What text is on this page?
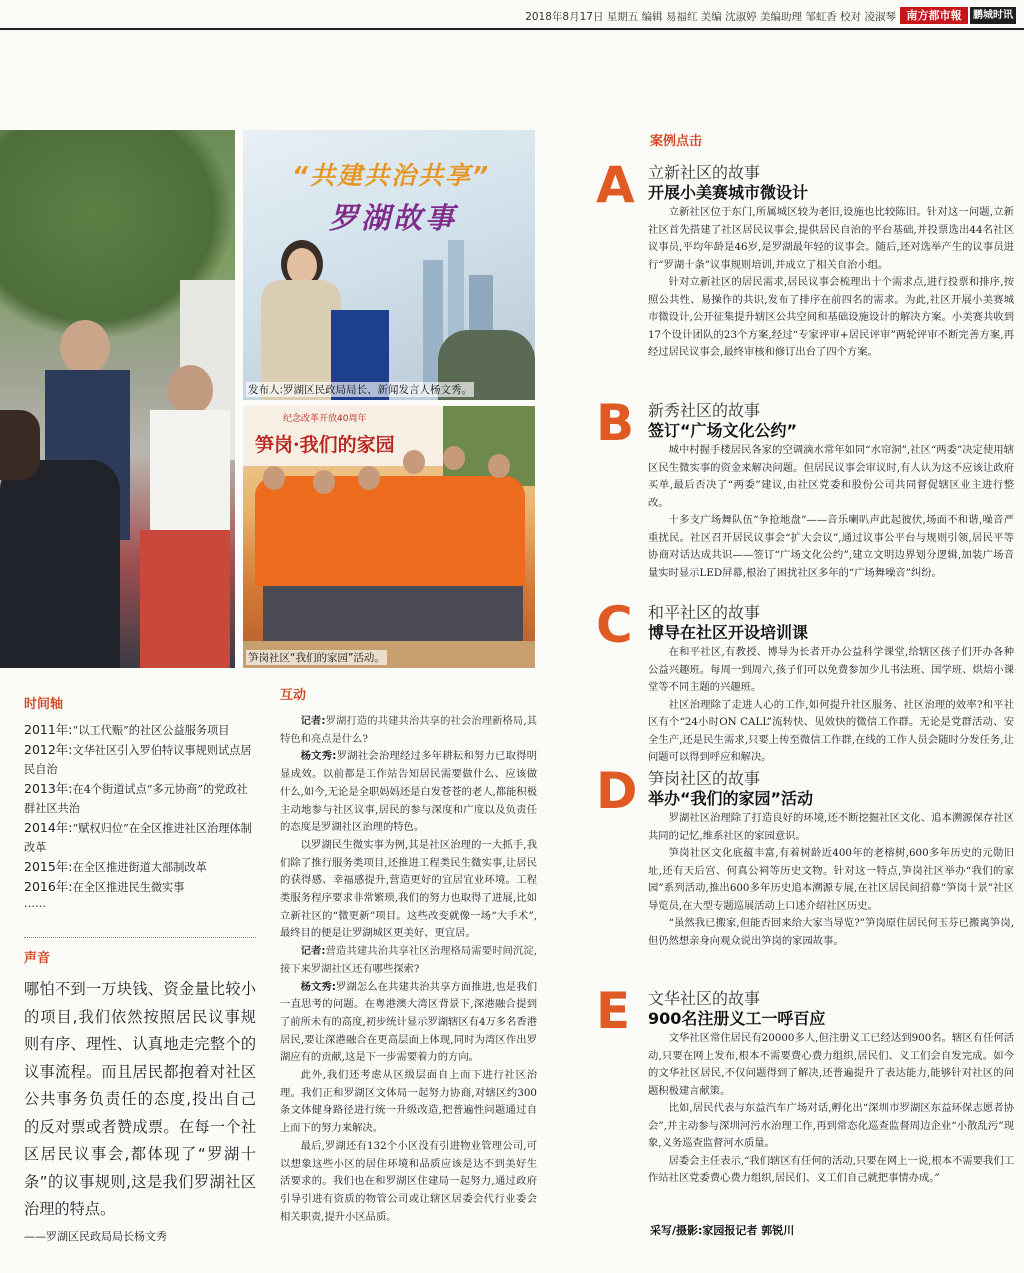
2018年8月17日 星期五 编辑 易福红 美编 沈淑婷 美编助理 邹虹香 校对 凌淑琴 南方都市報	鹏城时讯
“共建共治共享”
罗湖故事
发布人:罗湖区民政局局长、新闻发言人杨文秀。
纪念改革开放40周年
笋岗·我们的家园
笋岗社区“我们的家园”活动。
时间轴
2011年:“以工代赈”的社区公益服务项目
2012年:文华社区引入罗伯特议事规则试点居民自治
2013年:在4个街道试点“多元协商”的党政社群社区共治
2014年:“赋权归位”在全区推进社区治理体制改革
2015年:在全区推进街道大部制改革
2016年:在全区推进民生微实事
……
声音
哪怕不到一万块钱、资金量比较小的项目,我们依然按照居民议事规则有序、理性、认真地走完整个的议事流程。而且居民都抱着对社区公共事务负责任的态度,投出自己的反对票或者赞成票。在每一个社区居民议事会,都体现了“罗湖十条”的议事规则,这是我们罗湖社区治理的特点。
——罗湖区民政局局长杨文秀
互动

记者:罗湖打造的共建共治共享的社会治理新格局,其特色和亮点是什么?

杨文秀:罗湖社会治理经过多年耕耘和努力已取得明显成效。以前都是工作站告知居民需要做什么、应该做什么,如今,无论是全职妈妈还是白发苍苍的老人,都能积极主动地参与社区议事,居民的参与深度和广度以及负责任的态度是罗湖社区治理的特色。

以罗湖民生微实事为例,其是社区治理的一大抓手,我们除了推行服务类项目,还推进工程类民生微实事,让居民的获得感、幸福感提升,营造更好的宜居宜业环境。工程类服务程序要求非常繁琐,我们的努力也取得了进展,比如立新社区的“微更新”项目。这些改变就像一场“大手术”,最终目的便是让罗湖城区更美好、更宜居。

记者:营造共建共治共享社区治理格局需要时间沉淀,接下来罗湖社区还有哪些探索?

杨文秀:罗湖怎么在共建共治共享方面推进,也是我们一直思考的问题。在粤港澳大湾区背景下,深港融合提到了前所未有的高度,初步统计显示罗湖辖区有4万多名香港居民,要让深港融合在更高层面上体现,同时为湾区作出罗湖应有的贡献,这是下一步需要着力的方向。

此外,我们还考虑从区级层面自上而下进行社区治理。我们正和罗湖区文体局一起努力协商,对辖区约300条文体健身路径进行统一升级改造,把普遍性问题通过自上而下的努力来解决。

最后,罗湖还有132个小区没有引进物业管理公司,可以想象这些小区的居住环境和品质应该是达不到美好生活要求的。我们也在和罗湖区住建局一起努力,通过政府引导引进有资质的物管公司或让辖区居委会代行业委会相关职责,提升小区品质。

案例点击
A 立新社区的故事
开展小美赛城市微设计

立新社区位于东门,所属城区较为老旧,设施也比较陈旧。针对这一问题,立新社区首先搭建了社区居民议事会,提供居民自治的平台基础,并投票选出44名社区议事员,平均年龄是46岁,是罗湖最年轻的议事会。随后,还对选举产生的议事员进行“罗湖十条”议事规则培训,并成立了相关自治小组。

针对立新社区的居民需求,居民议事会梳理出十个需求点,进行投票和排序,按照公共性、易操作的共识,发布了排序在前四名的需求。为此,社区开展小美赛城市微设计,公开征集提升辖区公共空间和基础设施设计的解决方案。小美赛共收到17个设计团队的23个方案,经过“专家评审+居民评审”两轮评审不断完善方案,再经过居民议事会,最终审核和修订出台了四个方案。

B 新秀社区的故事
签订“广场文化公约”

城中村握手楼居民各家的空调滴水常年如同“水帘洞”,社区“两委”决定使用辖区民生微实事的资金来解决问题。但居民议事会审议时,有人认为这不应该让政府买单,最后否决了“两委”建议,由社区党委和股份公司共同督促辖区业主进行整改。

十多支广场舞队伍“争抢地盘”——音乐喇叭声此起彼伏,场面不和谐,噪音严重扰民。社区召开居民议事会“扩大会议”,通过议事公平台与规则引领,居民平等协商对话达成共识——签订“广场文化公约”,建立文明边界划分逻辑,加装广场音量实时显示LED屏幕,根治了困扰社区多年的“广场舞噪音”纠纷。

C 和平社区的故事
博导在社区开设培训课

在和平社区,有教授、博导为长者开办公益科学课堂,给辖区孩子们开办各种公益兴趣班。每周一到周六,孩子们可以免费参加少儿书法班、国学班、烘焙小课堂等不同主题的兴趣班。

社区治理除了走进人心的工作,如何提升社区服务、社区治理的效率?和平社区有个“24小时ON CALL”流转快、见效快的微信工作群。无论是党群活动、安全生产,还是民生需求,只要上传至微信工作群,在线的工作人员会随时分发任务,让问题可以得到呼应和解决。

D 笋岗社区的故事
举办“我们的家园”活动

罗湖社区治理除了打造良好的环境,还不断挖掘社区文化、追本溯源保存社区共同的记忆,维系社区的家园意识。

笋岗社区文化底蕴丰富,有着树龄近400年的老榕树,600多年历史的元勋旧址,还有天后宫、何真公祠等历史文物。针对这一特点,笋岗社区举办“我们的家园”系列活动,推出600多年历史追本溯源专展,在社区居民间招募“笋岗十景”社区导览员,在大型专题巡展活动上口述介绍社区历史。

“虽然我已搬家,但能否回来给大家当导览?”笋岗原住居民何玉芬已搬离笋岗,但仍然想亲身向观众说出笋岗的家园故事。

E	文华社区的故事
900名注册义工一呼百应

文华社区常住居民有20000多人,但注册义工已经达到900名。辖区有任何活动,只要在网上发布,根本不需要费心费力组织,居民们、义工们会自发完成。如今的文华社区居民,不仅问题得到了解决,还普遍提升了表达能力,能够针对社区的问题积极建言献策。

比如,居民代表与东益汽车广场对话,孵化出“深圳市罗湖区东益环保志愿者协会”,并主动参与深圳河污水治理工作,再到常态化巡查监督周边企业“小散乱污”现象,义务巡查监督河水质量。

居委会主任表示,“我们辖区有任何的活动,只要在网上一说,根本不需要我们工作站社区党委费心费力组织,居民们、义工们自己就把事情办成。”

采写/摄影:家园报记者 郭锐川
